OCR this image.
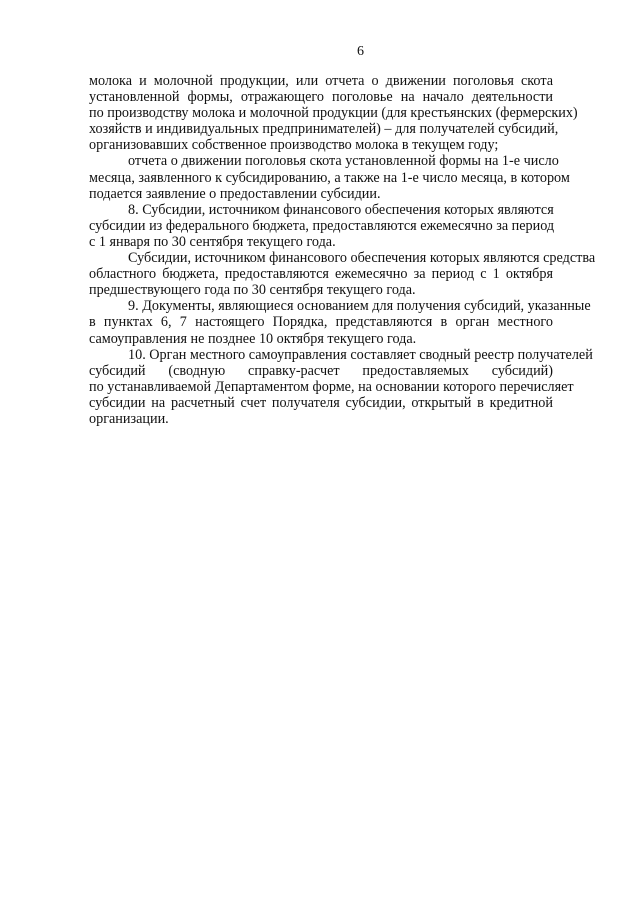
6
молока и молочной продукции, или отчета о движении поголовья скота
установленной формы, отражающего поголовье на начало деятельности
по производству молока и молочной продукции (для крестьянских (фермерских)
хозяйств и индивидуальных предпринимателей) – для получателей субсидий,
организовавших собственное производство молока в текущем году;
отчета о движении поголовья скота установленной формы на 1-е число
месяца, заявленного к субсидированию, а также на 1-е число месяца, в котором
подается заявление о предоставлении субсидии.
8. Субсидии, источником финансового обеспечения которых являются
субсидии из федерального бюджета, предоставляются ежемесячно за период
с 1 января по 30 сентября текущего года.
Субсидии, источником финансового обеспечения которых являются средства
областного бюджета, предоставляются ежемесячно за период с 1 октября
предшествующего года по 30 сентября текущего года.
9. Документы, являющиеся основанием для получения субсидий, указанные
в пунктах 6, 7 настоящего Порядка, представляются в орган местного
самоуправления не позднее 10 октября текущего года.
10. Орган местного самоуправления составляет сводный реестр получателей
субсидий (сводную справку-расчет предоставляемых субсидий)
по устанавливаемой Департаментом форме, на основании которого перечисляет
субсидии на расчетный счет получателя субсидии, открытый в кредитной
организации.
